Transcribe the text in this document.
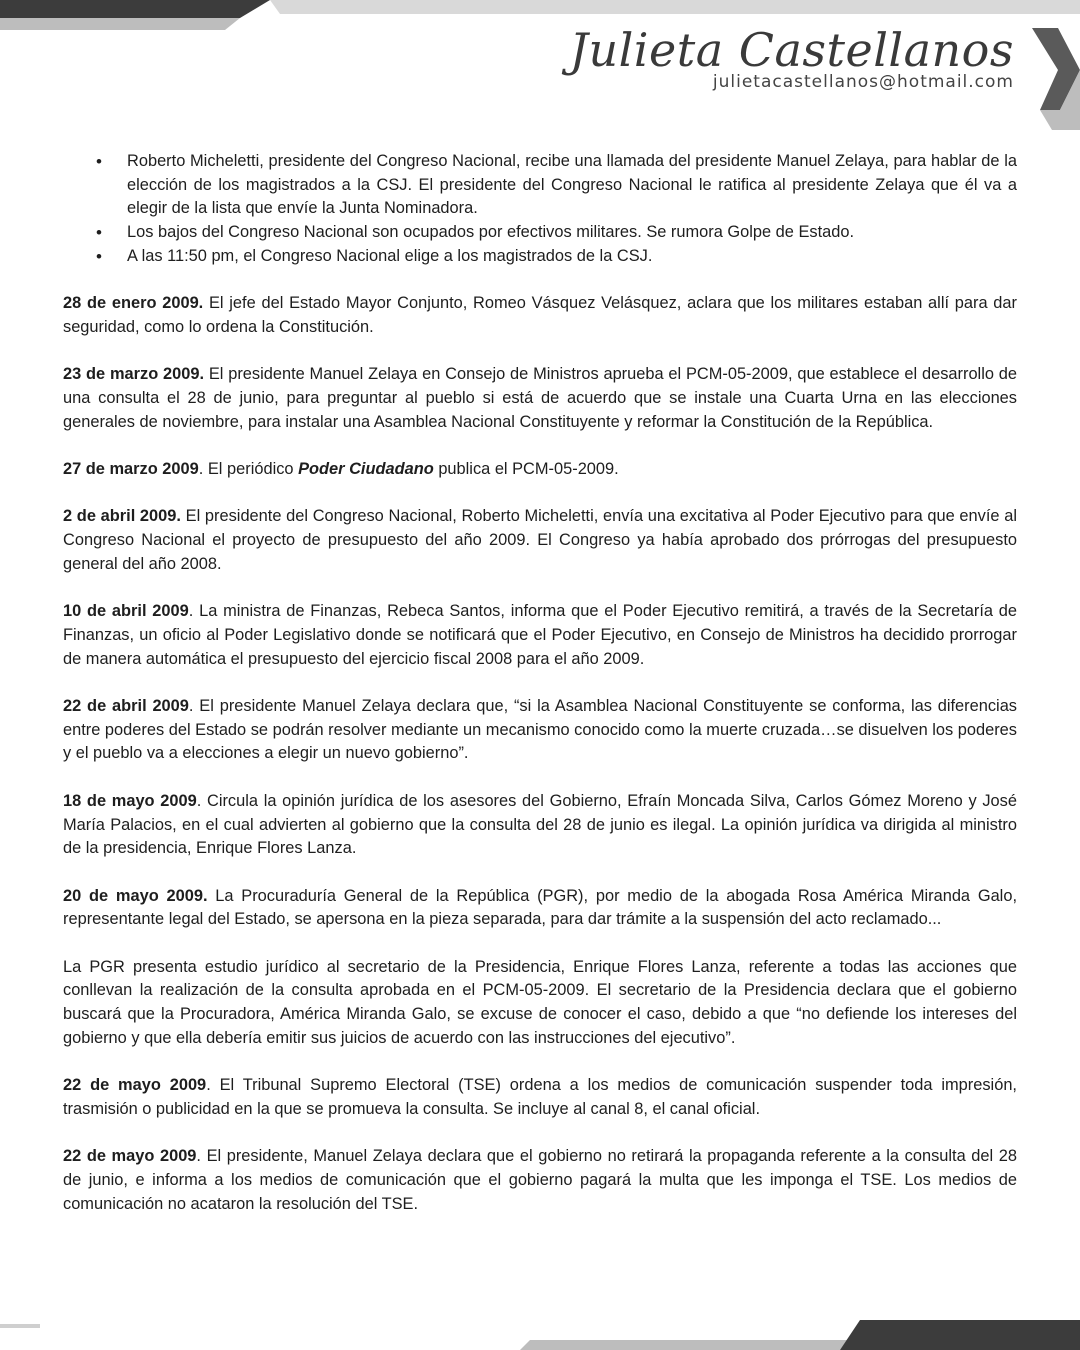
Julieta Castellanos
julietacastellanos@hotmail.com
• Roberto Micheletti, presidente del Congreso Nacional, recibe una llamada del presidente Manuel Zelaya, para hablar de la elección de los magistrados a la CSJ. El presidente del Congreso Nacional le ratifica al presidente Zelaya que él va a elegir de la lista que envíe la Junta Nominadora.
• Los bajos del Congreso Nacional son ocupados por efectivos militares. Se rumora Golpe de Estado.
• A las 11:50 pm, el Congreso Nacional elige a los magistrados de la CSJ.

28 de enero 2009. El jefe del Estado Mayor Conjunto, Romeo Vásquez Velásquez, aclara que los militares estaban allí para dar seguridad, como lo ordena la Constitución.

23 de marzo 2009. El presidente Manuel Zelaya en Consejo de Ministros aprueba el PCM-05-2009, que establece el desarrollo de una consulta el 28 de junio, para preguntar al pueblo si está de acuerdo que se instale una Cuarta Urna en las elecciones generales de noviembre, para instalar una Asamblea Nacional Constituyente y reformar la Constitución de la República.

27 de marzo 2009. El periódico Poder Ciudadano publica el PCM-05-2009.

2 de abril 2009. El presidente del Congreso Nacional, Roberto Micheletti, envía una excitativa al Poder Ejecutivo para que envíe al Congreso Nacional el proyecto de presupuesto del año 2009. El Congreso ya había aprobado dos prórrogas del presupuesto general del año 2008.

10 de abril 2009. La ministra de Finanzas, Rebeca Santos, informa que el Poder Ejecutivo remitirá, a través de la Secretaría de Finanzas, un oficio al Poder Legislativo donde se notificará que el Poder Ejecutivo, en Consejo de Ministros ha decidido prorrogar de manera automática el presupuesto del ejercicio fiscal 2008 para el año 2009.

22 de abril 2009. El presidente Manuel Zelaya declara que, “si la Asamblea Nacional Constituyente se conforma, las diferencias entre poderes del Estado se podrán resolver mediante un mecanismo conocido como la muerte cruzada…se disuelven los poderes y el pueblo va a elecciones a elegir un nuevo gobierno”.

18 de mayo 2009. Circula la opinión jurídica de los asesores del Gobierno, Efraín Moncada Silva, Carlos Gómez Moreno y José María Palacios, en el cual advierten al gobierno que la consulta del 28 de junio es ilegal. La opinión jurídica va dirigida al ministro de la presidencia, Enrique Flores Lanza.

20 de mayo 2009. La Procuraduría General de la República (PGR), por medio de la abogada Rosa América Miranda Galo, representante legal del Estado, se apersona en la pieza separada, para dar trámite a la suspensión del acto reclamado...

La PGR presenta estudio jurídico al secretario de la Presidencia, Enrique Flores Lanza, referente a todas las acciones que conllevan la realización de la consulta aprobada en el PCM-05-2009. El secretario de la Presidencia declara que el gobierno buscará que la Procuradora, América Miranda Galo, se excuse de conocer el caso, debido a que “no defiende los intereses del gobierno y que ella debería emitir sus juicios de acuerdo con las instrucciones del ejecutivo”.

22 de mayo 2009. El Tribunal Supremo Electoral (TSE) ordena a los medios de comunicación suspender toda impresión, trasmisión o publicidad en la que se promueva la consulta. Se incluye al canal 8, el canal oficial.

22 de mayo 2009. El presidente, Manuel Zelaya declara que el gobierno no retirará la propaganda referente a la consulta del 28 de junio, e informa a los medios de comunicación que el gobierno pagará la multa que les imponga el TSE. Los medios de comunicación no acataron la resolución del TSE.
